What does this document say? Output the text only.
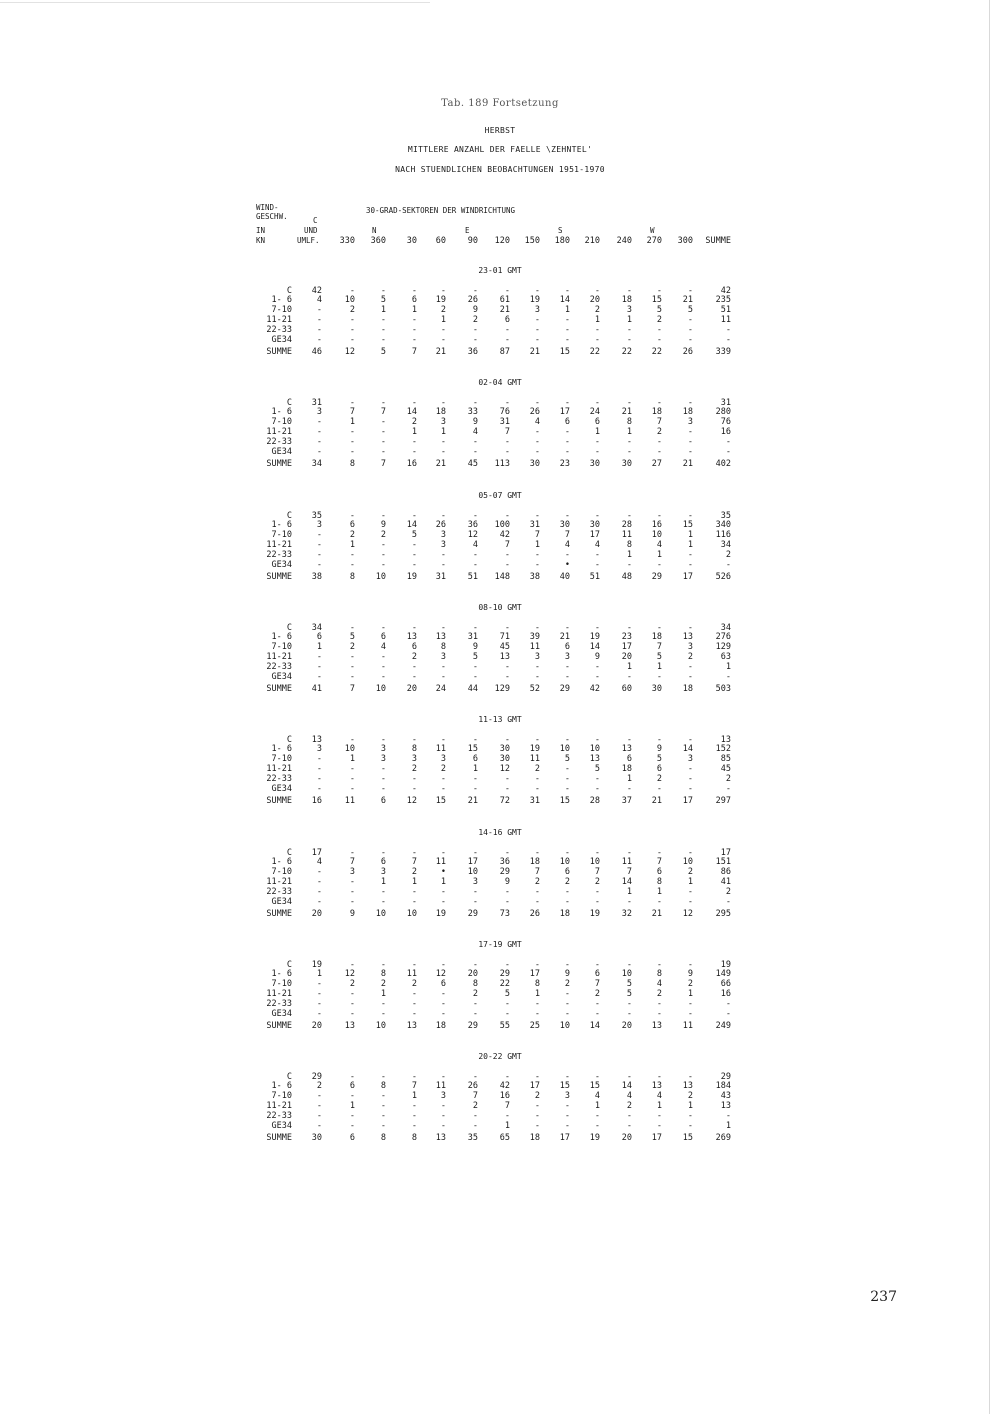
Tab. 189 Fortsetzung
HERBST
MITTLERE ANZAHL DER FAELLE \ZEHNTEL'
NACH STUENDLICHEN BEOBACHTUNGEN 1951-1970
WIND-
GESCHW.
IN
KN
C
UND
UMLF.
30-GRAD-SEKTOREN DER WINDRICHTUNG
N	E	S	W
330	360	30	60	90	120	150	180	210	240	270	300	SUMME
23-01 GMT
C	42	-	-	-	-	-	-	-	-	-	-	-	-	42
1- 6	4	10	5	6	19	26	61	19	14	20	18	15	21	235
7-10	-	2	1	1	2	9	21	3	1	2	3	5	5	51
11-21	-	-	-	-	1	2	6	-	-	1	1	2	-	11
22-33	-	-	-	-	-	-	-	-	-	-	-	-	-	-
GE34	-	-	-	-	-	-	-	-	-	-	-	-	-	-
SUMME	46	12	5	7	21	36	87	21	15	22	22	22	26	339
02-04 GMT
C	31	-	-	-	-	-	-	-	-	-	-	-	-	31
1- 6	3	7	7	14	18	33	76	26	17	24	21	18	18	280
7-10	-	1	-	2	3	9	31	4	6	6	8	7	3	76
11-21	-	-	-	1	1	4	7	-	-	1	1	2	-	16
22-33	-	-	-	-	-	-	-	-	-	-	-	-	-	-
GE34	-	-	-	-	-	-	-	-	-	-	-	-	-	-
SUMME	34	8	7	16	21	45	113	30	23	30	30	27	21	402
05-07 GMT
C	35	-	-	-	-	-	-	-	-	-	-	-	-	35
1- 6	3	6	9	14	26	36	100	31	30	30	28	16	15	340
7-10	-	2	2	5	3	12	42	7	7	17	11	10	1	116
11-21	-	1	-	-	3	4	7	1	4	4	8	4	1	34
22-33	-	-	-	-	-	-	-	-	-	-	1	1	-	2
GE34	-	-	-	-	-	-	-	-	•	-	-	-	-	-
SUMME	38	8	10	19	31	51	148	38	40	51	48	29	17	526
08-10 GMT
C	34	-	-	-	-	-	-	-	-	-	-	-	-	34
1- 6	6	5	6	13	13	31	71	39	21	19	23	18	13	276
7-10	1	2	4	6	8	9	45	11	6	14	17	7	3	129
11-21	-	-	-	2	3	5	13	3	3	9	20	5	2	63
22-33	-	-	-	-	-	-	-	-	-	-	1	1	-	1
GE34	-	-	-	-	-	-	-	-	-	-	-	-	-	-
SUMME	41	7	10	20	24	44	129	52	29	42	60	30	18	503
11-13 GMT
C	13	-	-	-	-	-	-	-	-	-	-	-	-	13
1- 6	3	10	3	8	11	15	30	19	10	10	13	9	14	152
7-10	-	1	3	3	3	6	30	11	5	13	6	5	3	85
11-21	-	-	-	2	2	1	12	2	-	5	18	6	-	45
22-33	-	-	-	-	-	-	-	-	-	-	1	2	-	2
GE34	-	-	-	-	-	-	-	-	-	-	-	-	-	-
SUMME	16	11	6	12	15	21	72	31	15	28	37	21	17	297
14-16 GMT
C	17	-	-	-	-	-	-	-	-	-	-	-	-	17
1- 6	4	7	6	7	11	17	36	18	10	10	11	7	10	151
7-10	-	3	3	2	•	10	29	7	6	7	7	6	2	86
11-21	-	-	1	1	1	3	9	2	2	2	14	8	1	41
22-33	-	-	-	-	-	-	-	-	-	-	1	1	-	2
GE34	-	-	-	-	-	-	-	-	-	-	-	-	-	-
SUMME	20	9	10	10	19	29	73	26	18	19	32	21	12	295
17-19 GMT
C	19	-	-	-	-	-	-	-	-	-	-	-	-	19
1- 6	1	12	8	11	12	20	29	17	9	6	10	8	9	149
7-10	-	2	2	2	6	8	22	8	2	7	5	4	2	66
11-21	-	-	1	-	-	2	5	1	-	2	5	2	1	16
22-33	-	-	-	-	-	-	-	-	-	-	-	-	-	-
GE34	-	-	-	-	-	-	-	-	-	-	-	-	-	-
SUMME	20	13	10	13	18	29	55	25	10	14	20	13	11	249
20-22 GMT
C	29	-	-	-	-	-	-	-	-	-	-	-	-	29
1- 6	2	6	8	7	11	26	42	17	15	15	14	13	13	184
7-10	-	-	-	1	3	7	16	2	3	4	4	4	2	43
11-21	-	1	-	-	-	2	7	-	-	1	2	1	1	13
22-33	-	-	-	-	-	-	-	-	-	-	-	-	-	-
GE34	-	-	-	-	-	-	1	-	-	-	-	-	-	1
SUMME	30	6	8	8	13	35	65	18	17	19	20	17	15	269
237
